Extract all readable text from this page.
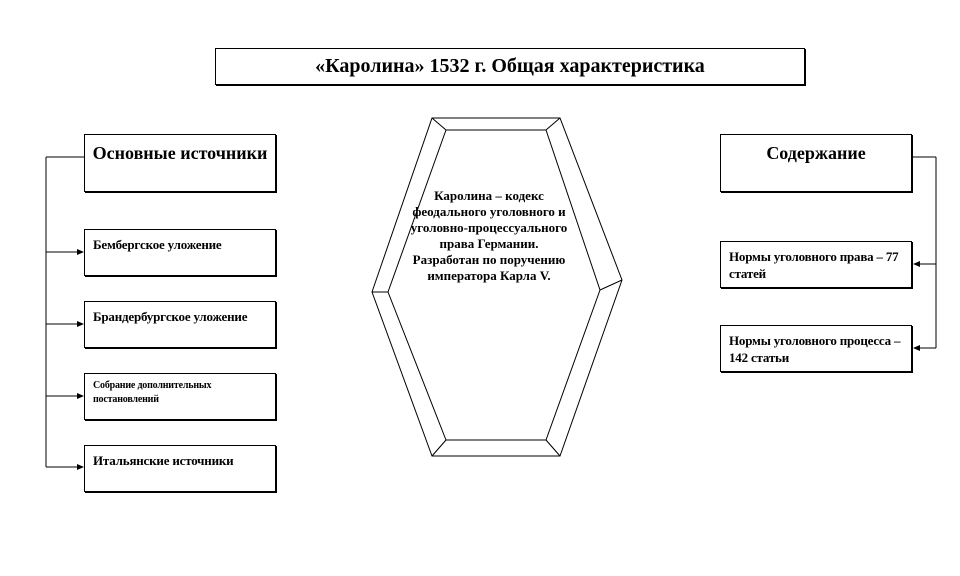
«Каролина» 1532 г. Общая характеристика
Основные источники
Бембергское уложение
Брандербургское уложение
Собрание дополнительных постановлений
Итальянские источники
Каролина – кодекс феодального уголовного и уголовно-процессуального права Германии. Разработан по поручению императора Карла V.
Содержание
Нормы уголовного права – 77 статей
Нормы уголовного процесса – 142 статьи
